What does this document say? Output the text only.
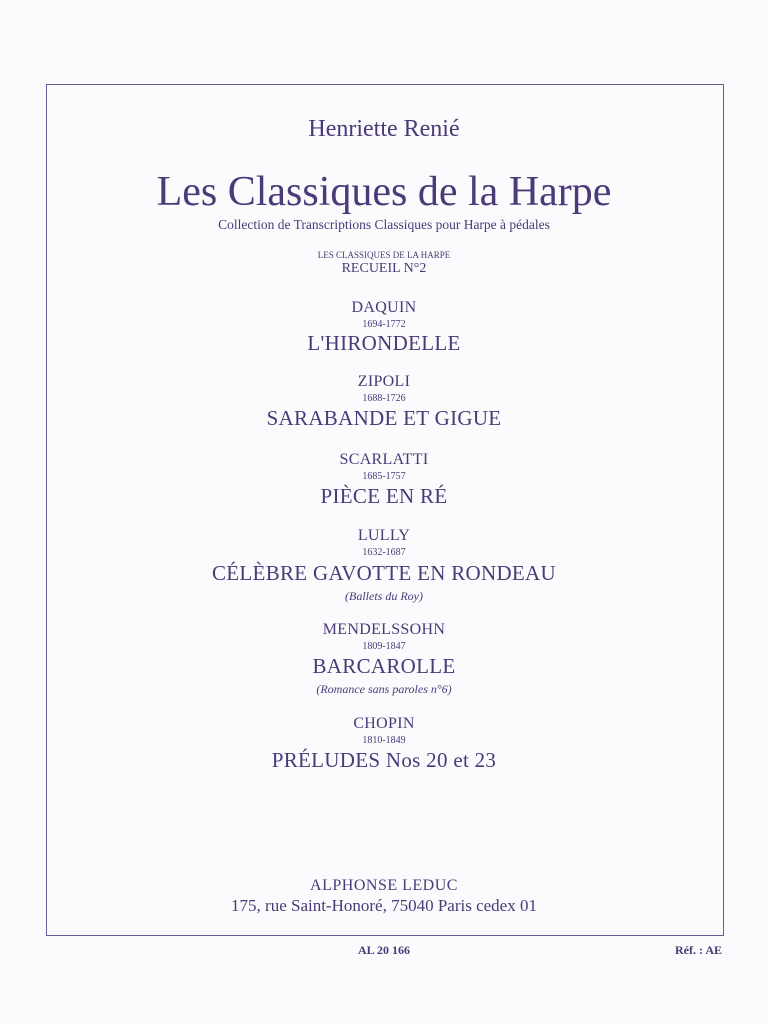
Henriette Renié
Les Classiques de la Harpe
Collection de Transcriptions Classiques pour Harpe à pédales
LES CLASSIQUES DE LA HARPE
RECUEIL N°2
DAQUIN
1694-1772
L'HIRONDELLE
ZIPOLI
1688-1726
SARABANDE ET GIGUE
SCARLATTI
1685-1757
PIÈCE EN RÉ
LULLY
1632-1687
CÉLÈBRE GAVOTTE EN RONDEAU
(Ballets du Roy)
MENDELSSOHN
1809-1847
BARCAROLLE
(Romance sans paroles n°6)
CHOPIN
1810-1849
PRÉLUDES Nos 20 et 23
ALPHONSE LEDUC
175, rue Saint-Honoré, 75040 Paris cedex 01
AL 20 166	Réf. : AE
